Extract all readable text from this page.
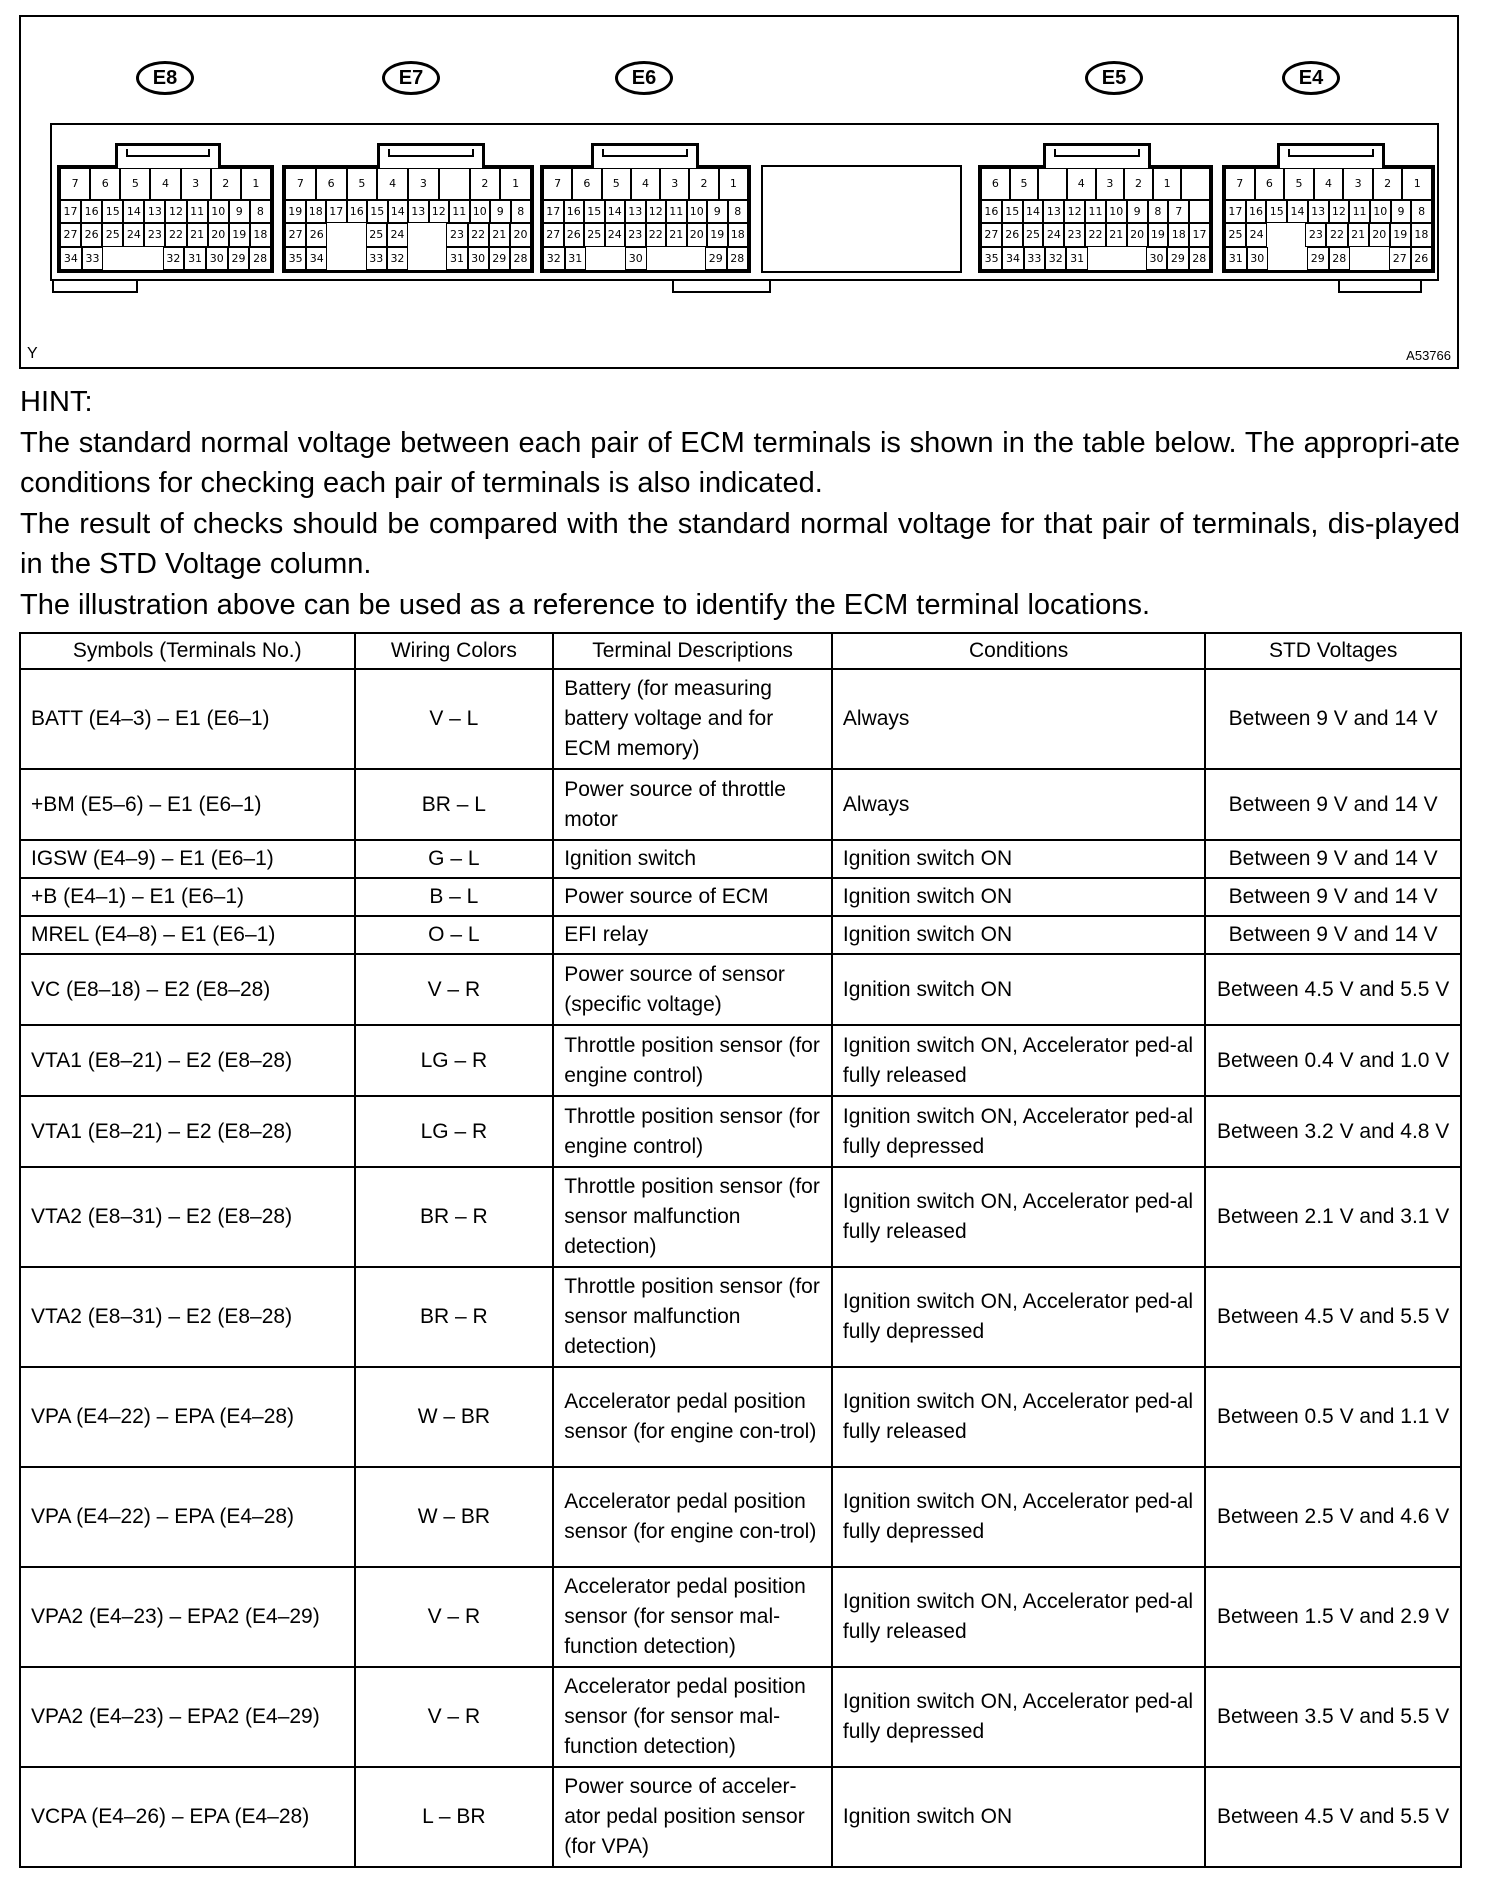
E8	E7	E6	E5	E4
7	6	5	4	3	2	1
17 16 15 14 13 12 11 10 9	8
27 26 25 24 23 22 21 20 19 18
34 33	32 31 30 29 28
7	6	5	4	3	2	1
19 18 17 16 15 14 13 12 11 10 9	8
27 26	25 24	23 22 21 20
35 34	33 32	31 30 29 28
7	6	5	4	3	2	1
17 16 15 14 13 12 11 10 9	8
27 26 25 24 23 22 21 20 19 18
32 31	30	29 28
6	5	4	3	2	1
16 15 14 13 12 11 10 9	8	7
27 26 25 24 23 22 21 20 19 18 17
35 34 33 32 31	30 29 28
7	6	5	4	3	2	1
17 16 15 14 13 12 11 10 9	8
25 24	23 22 21 20 19 18
31 30	29 28	27 26
Y	A53766

HINT:

The standard normal voltage between each pair of ECM terminals is shown in the table below. The appropri-ate conditions for checking each pair of terminals is also indicated.

The result of checks should be compared with the standard normal voltage for that pair of terminals, dis-played in the STD Voltage column.

The illustration above can be used as a reference to identify the ECM terminal locations.

Symbols (Terminals No.)	Wiring Colors	Terminal Descriptions	Conditions	STD Voltages
BATT (E4–3) – E1 (E6–1)	V – L	Battery (for measuring battery voltage and for ECM memory)	Always	Between 9 V and 14 V
+BM (E5–6) – E1 (E6–1)	BR – L	Power source of throttle motor	Always	Between 9 V and 14 V
IGSW (E4–9) – E1 (E6–1)	G – L	Ignition switch	Ignition switch ON	Between 9 V and 14 V
+B (E4–1) – E1 (E6–1)	B – L	Power source of ECM	Ignition switch ON	Between 9 V and 14 V
MREL (E4–8) – E1 (E6–1)	O – L	EFI relay	Ignition switch ON	Between 9 V and 14 V
VC (E8–18) – E2 (E8–28)	V – R	Power source of sensor (specific voltage)	Ignition switch ON	Between 4.5 V and 5.5 V
VTA1 (E8–21) – E2 (E8–28)	LG – R	Throttle position sensor (for engine control)	Ignition switch ON, Accelerator ped-al fully released	Between 0.4 V and 1.0 V
VTA1 (E8–21) – E2 (E8–28)	LG – R	Throttle position sensor (for engine control)	Ignition switch ON, Accelerator ped-al fully depressed	Between 3.2 V and 4.8 V
VTA2 (E8–31) – E2 (E8–28)	BR – R	Throttle position sensor (for sensor malfunction detection)	Ignition switch ON, Accelerator ped-al fully released	Between 2.1 V and 3.1 V
VTA2 (E8–31) – E2 (E8–28)	BR – R	Throttle position sensor (for sensor malfunction detection)	Ignition switch ON, Accelerator ped-al fully depressed	Between 4.5 V and 5.5 V
VPA (E4–22) – EPA (E4–28)	W – BR	Accelerator pedal position sensor (for engine con-trol)	Ignition switch ON, Accelerator ped-al fully released	Between 0.5 V and 1.1 V
VPA (E4–22) – EPA (E4–28)	W – BR	Accelerator pedal position sensor (for engine con-trol)	Ignition switch ON, Accelerator ped-al fully depressed	Between 2.5 V and 4.6 V
VPA2 (E4–23) – EPA2 (E4–29)	V – R	Accelerator pedal position sensor (for sensor mal-function detection)	Ignition switch ON, Accelerator ped-al fully released	Between 1.5 V and 2.9 V
VPA2 (E4–23) – EPA2 (E4–29)	V – R	Accelerator pedal position sensor (for sensor mal-function detection)	Ignition switch ON, Accelerator ped-al fully depressed	Between 3.5 V and 5.5 V
VCPA (E4–26) – EPA (E4–28)	L – BR	Power source of acceler-ator pedal position sensor (for VPA)	Ignition switch ON	Between 4.5 V and 5.5 V
